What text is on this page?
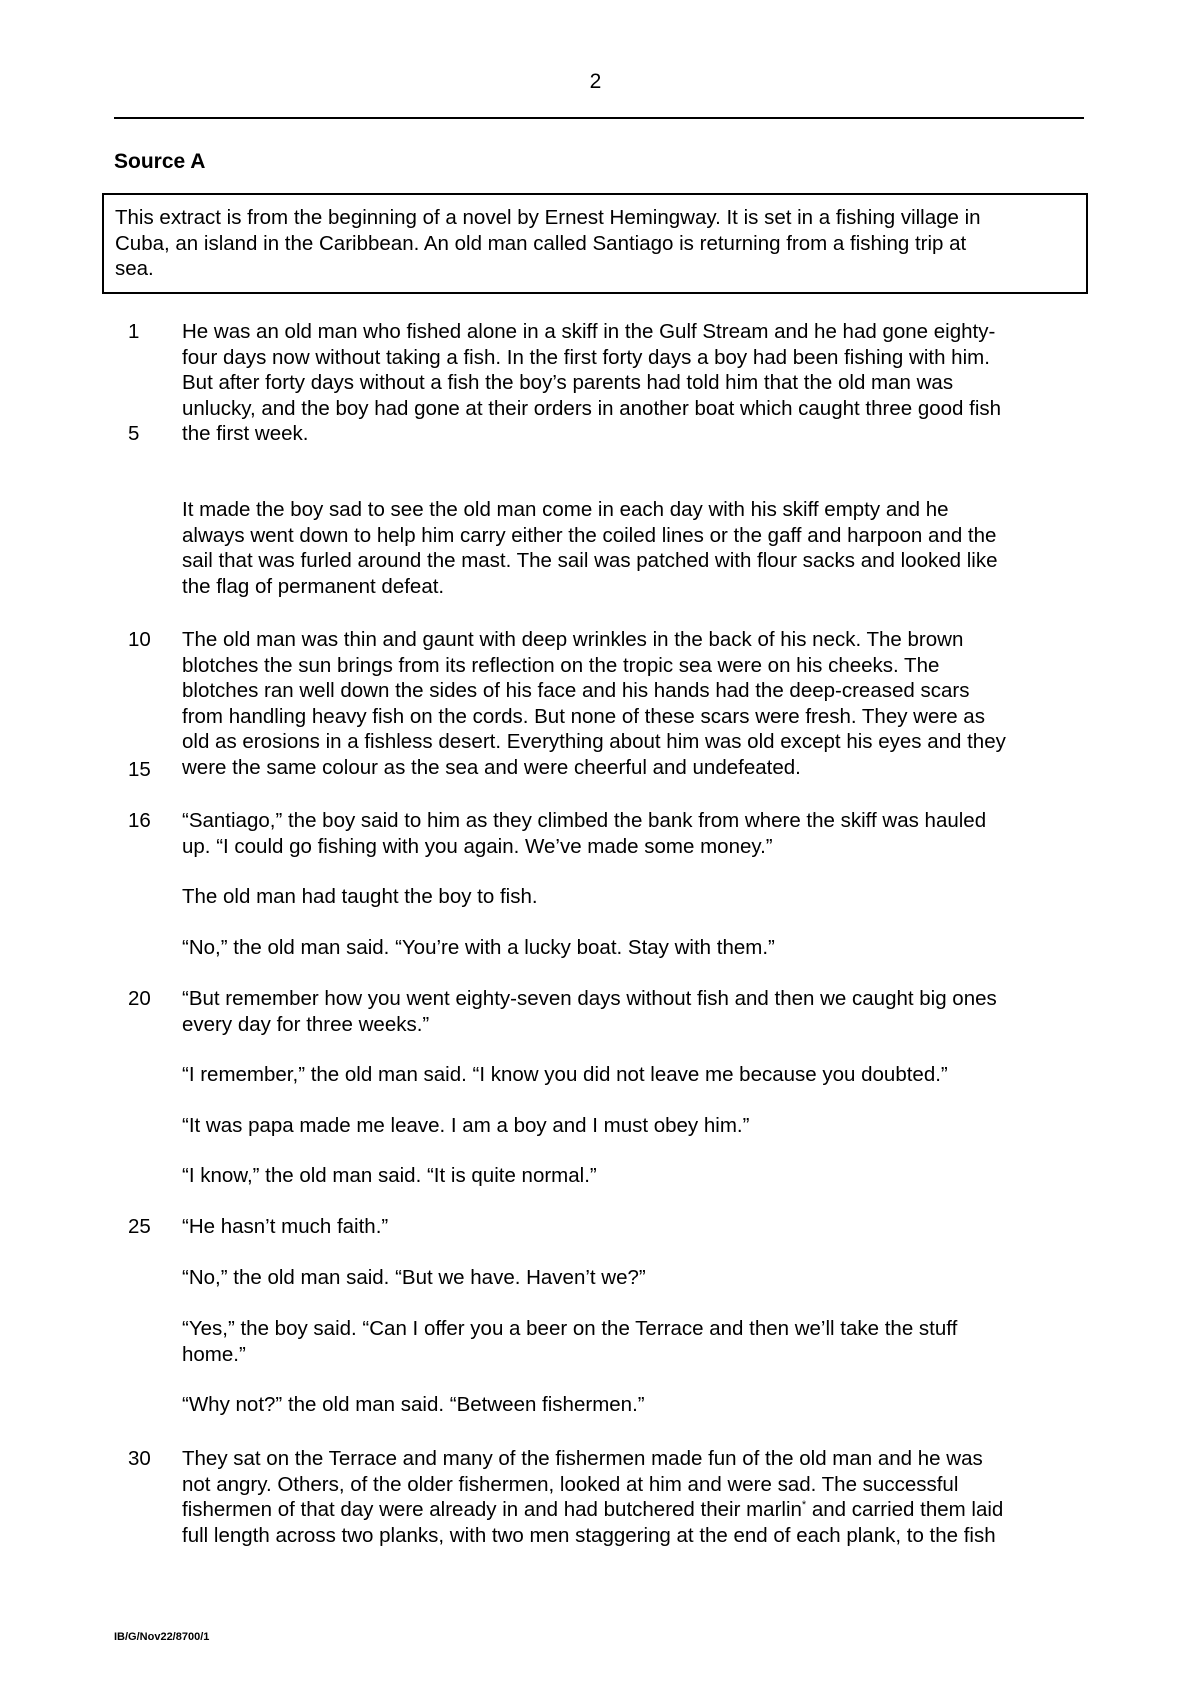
2
Source A
This extract is from the beginning of a novel by Ernest Hemingway. It is set in a fishing village in
Cuba, an island in the Caribbean. An old man called Santiago is returning from a fishing trip at
sea.
1
5
10
15
16
20
25
30
He was an old man who fished alone in a skiff in the Gulf Stream and he had gone eighty-
four days now without taking a fish. In the first forty days a boy had been fishing with him.
But after forty days without a fish the boy’s parents had told him that the old man was
unlucky, and the boy had gone at their orders in another boat which caught three good fish
the first week.
It made the boy sad to see the old man come in each day with his skiff empty and he
always went down to help him carry either the coiled lines or the gaff and harpoon and the
sail that was furled around the mast. The sail was patched with flour sacks and looked like
the flag of permanent defeat.
The old man was thin and gaunt with deep wrinkles in the back of his neck. The brown
blotches the sun brings from its reflection on the tropic sea were on his cheeks. The
blotches ran well down the sides of his face and his hands had the deep-creased scars
from handling heavy fish on the cords. But none of these scars were fresh. They were as
old as erosions in a fishless desert. Everything about him was old except his eyes and they
were the same colour as the sea and were cheerful and undefeated.
“Santiago,” the boy said to him as they climbed the bank from where the skiff was hauled
up. “I could go fishing with you again. We’ve made some money.”
The old man had taught the boy to fish.
“No,” the old man said. “You’re with a lucky boat. Stay with them.”
“But remember how you went eighty-seven days without fish and then we caught big ones
every day for three weeks.”
“I remember,” the old man said. “I know you did not leave me because you doubted.”
“It was papa made me leave. I am a boy and I must obey him.”
“I know,” the old man said. “It is quite normal.”
“He hasn’t much faith.”
“No,” the old man said. “But we have. Haven’t we?”
“Yes,” the boy said. “Can I offer you a beer on the Terrace and then we’ll take the stuff
home.”
“Why not?” the old man said. “Between fishermen.”
They sat on the Terrace and many of the fishermen made fun of the old man and he was
not angry. Others, of the older fishermen, looked at him and were sad. The successful
fishermen of that day were already in and had butchered their marlin* and carried them laid
full length across two planks, with two men staggering at the end of each plank, to the fish
IB/G/Nov22/8700/1
